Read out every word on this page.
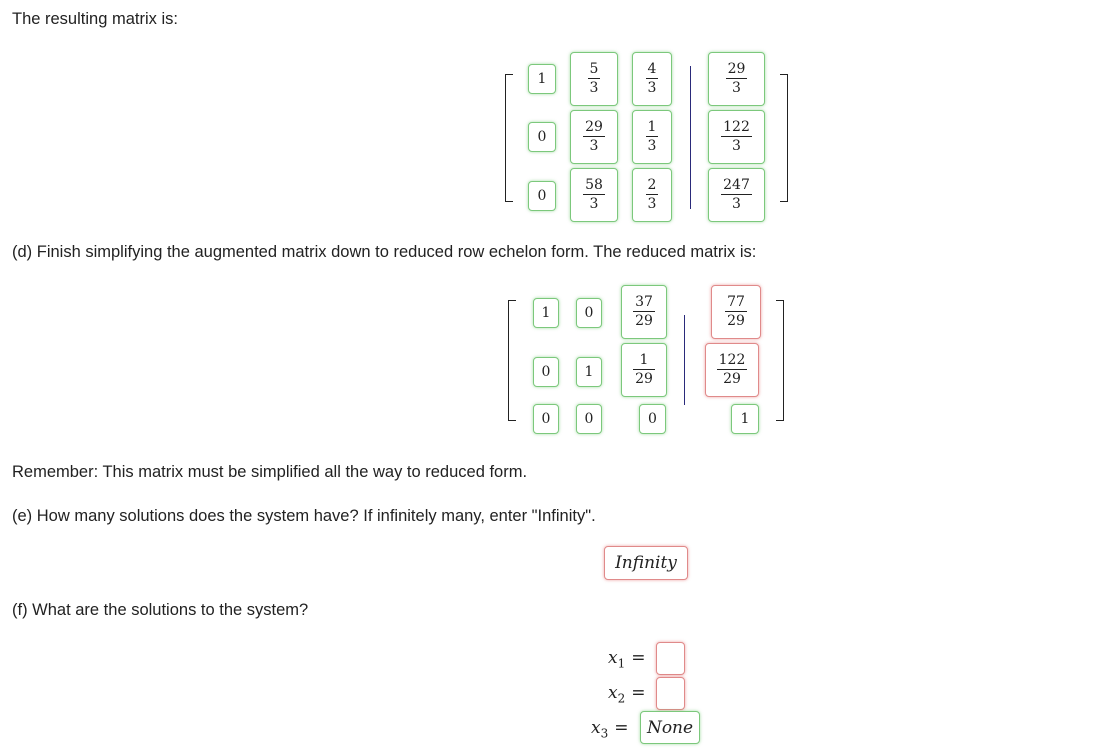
The resulting matrix is:

1	$\frac{5}{3}$	$\frac{4}{3}$	$\frac{29}{3}$
0	$\frac{29}{3}$	$\frac{1}{3}$	$\frac{122}{3}$
0	$\frac{58}{3}$	$\frac{2}{3}$	$\frac{247}{3}$

(d) Finish simplifying the augmented matrix down to reduced row echelon form. The reduced matrix is:

1 0	$\frac{37}{29}$	$\frac{77}{29}$
0 1	$\frac{1}{29}$	$\frac{122}{29}$
0 0	0	1

Remember: This matrix must be simplified all the way to reduced form.

(e) How many solutions does the system have? If infinitely many, enter "Infinity".

Infinity

(f) What are the solutions to the system?

$x_1$ =
$x_2$ =
$x_3$ = None
